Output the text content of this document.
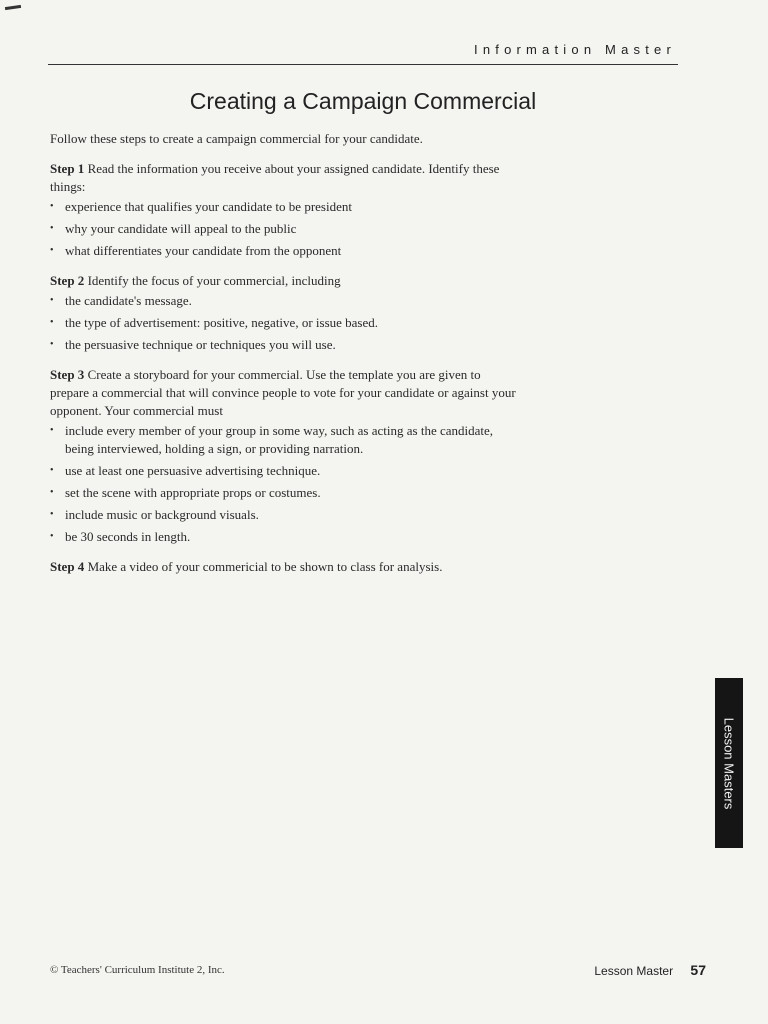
Information Master
Creating a Campaign Commercial

Follow these steps to create a campaign commercial for your candidate.

Step 1 Read the information you receive about your assigned candidate. Identify these things:

• experience that qualifies your candidate to be president
• why your candidate will appeal to the public
• what differentiates your candidate from the opponent

Step 2 Identify the focus of your commercial, including

• the candidate's message.
• the type of advertisement: positive, negative, or issue based.
• the persuasive technique or techniques you will use.

Step 3 Create a storyboard for your commercial. Use the template you are given to prepare a commercial that will convince people to vote for your candidate or against your opponent. Your commercial must

• include every member of your group in some way, such as acting as the candidate, being interviewed, holding a sign, or providing narration.
• use at least one persuasive advertising technique.
• set the scene with appropriate props or costumes.
• include music or background visuals.
• be 30 seconds in length.

Step 4 Make a video of your commericial to be shown to class for analysis.

Lesson Masters
© Teachers' Curriculum Institute 2, Inc.	Lesson Master 57
